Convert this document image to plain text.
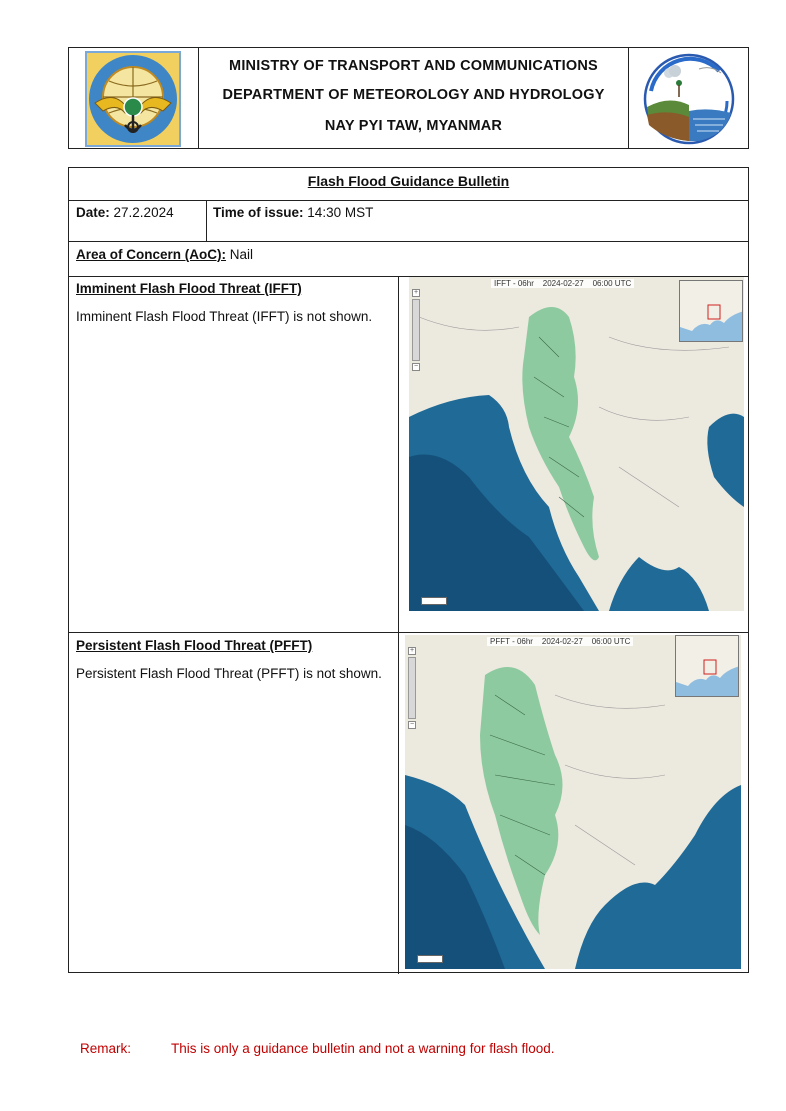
MINISTRY OF TRANSPORT AND COMMUNICATIONS
DEPARTMENT OF METEOROLOGY AND HYDROLOGY
NAY PYI TAW, MYANMAR
Flash Flood Guidance Bulletin
Date: 27.2.2024	Time of issue: 14:30 MST
Area of Concern (AoC): Nail
Imminent Flash Flood Threat (IFFT)
Imminent Flash Flood Threat (IFFT) is not shown.
Persistent Flash Flood Threat (PFFT)
Persistent Flash Flood Threat (PFFT) is not shown.
IFFT - 06hr 2024-02-27 06:00 UTC
+
−
PFFT - 06hr 2024-02-27 06:00 UTC
+
−
Remark:	This is only a guidance bulletin and not a warning for flash flood.
